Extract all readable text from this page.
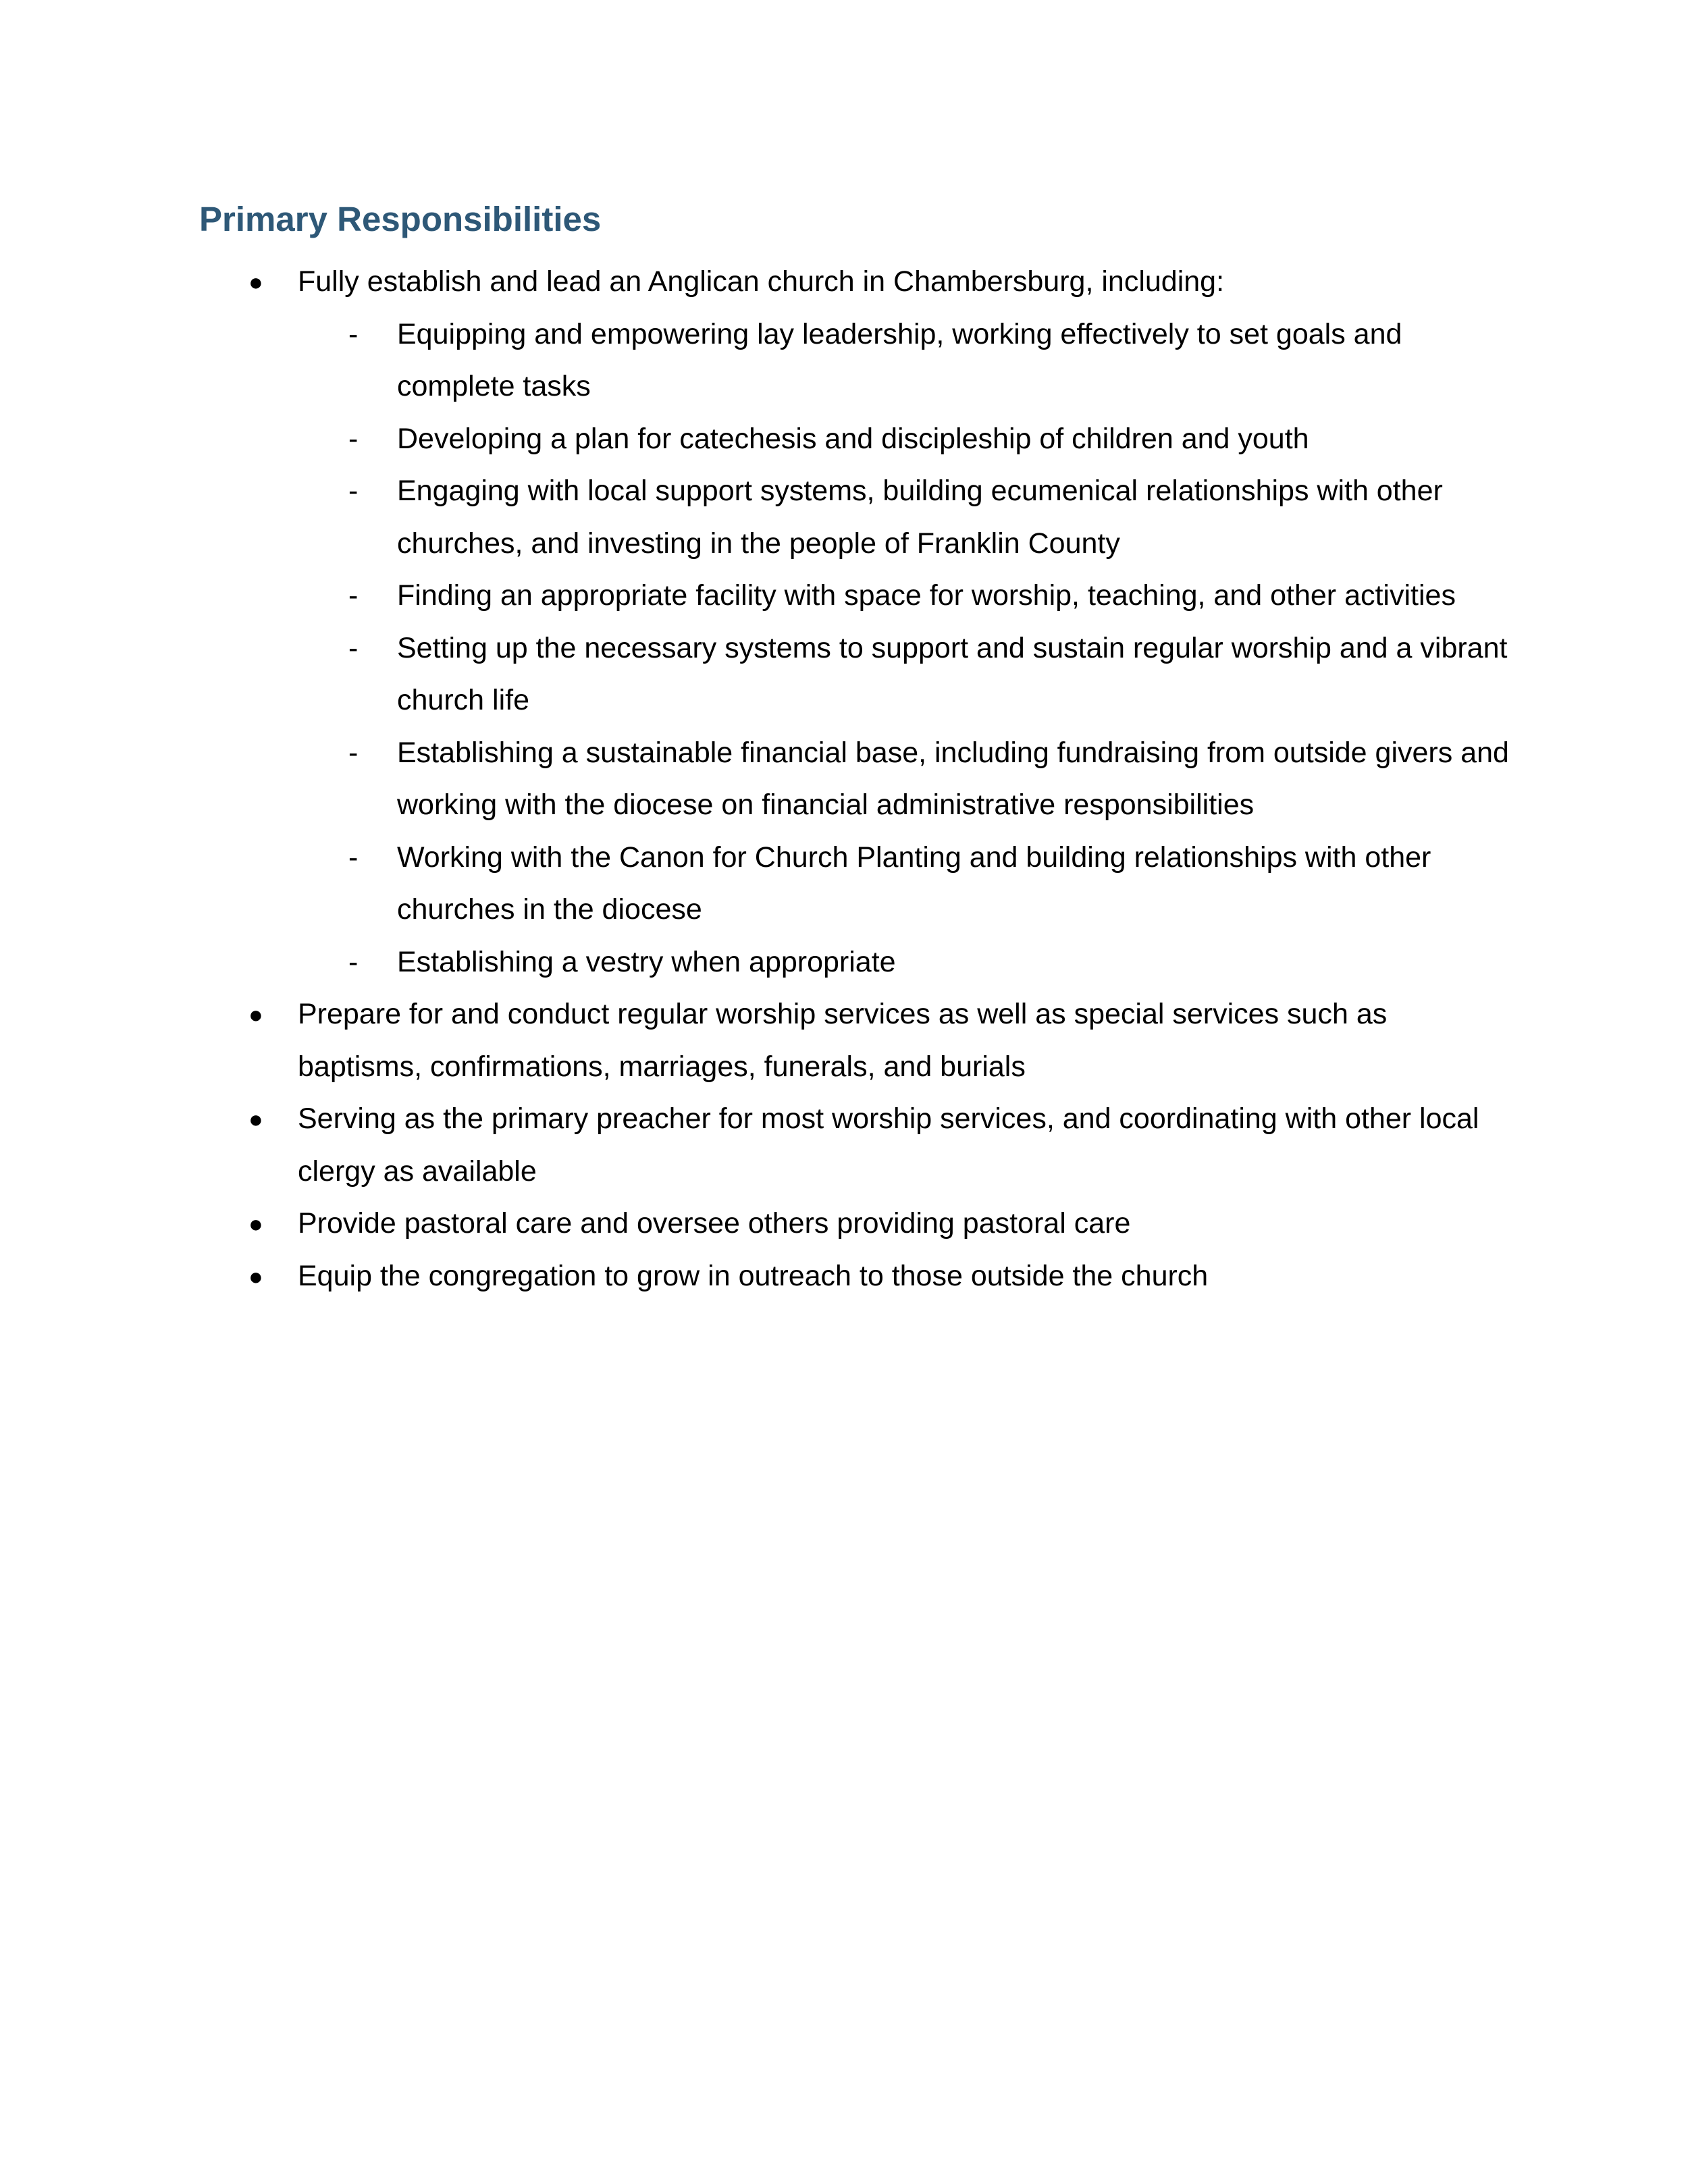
Primary Responsibilities
● Fully establish and lead an Anglican church in Chambersburg, including:
- Equipping and empowering lay leadership, working effectively to set goals and complete tasks
- Developing a plan for catechesis and discipleship of children and youth
- Engaging with local support systems, building ecumenical relationships with other churches, and investing in the people of Franklin County
- Finding an appropriate facility with space for worship, teaching, and other activities
- Setting up the necessary systems to support and sustain regular worship and a vibrant church life
- Establishing a sustainable financial base, including fundraising from outside givers and working with the diocese on financial administrative responsibilities
- Working with the Canon for Church Planting and building relationships with other churches in the diocese
- Establishing a vestry when appropriate
● Prepare for and conduct regular worship services as well as special services such as baptisms, confirmations, marriages, funerals, and burials
● Serving as the primary preacher for most worship services, and coordinating with other local clergy as available
● Provide pastoral care and oversee others providing pastoral care
● Equip the congregation to grow in outreach to those outside the church
